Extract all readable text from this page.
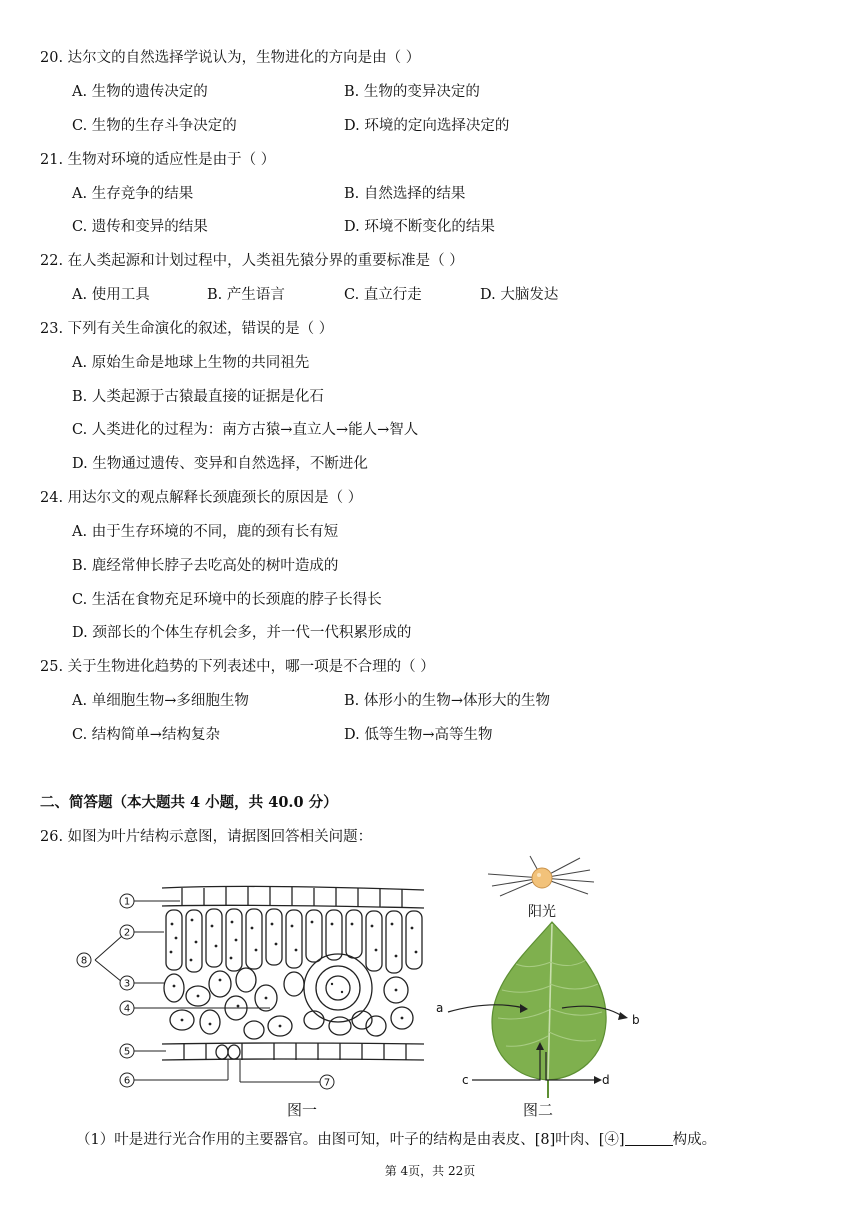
20. 达尔文的自然选择学说认为，生物进化的方向是由（ ）
A. 生物的遗传决定的	B. 生物的变异决定的
C. 生物的生存斗争决定的	D. 环境的定向选择决定的
21. 生物对环境的适应性是由于（ ）
A. 生存竞争的结果	B. 自然选择的结果
C. 遗传和变异的结果	D. 环境不断变化的结果
22. 在人类起源和计划过程中，人类祖先猿分界的重要标准是（ ）
A. 使用工具	B. 产生语言	C. 直立行走	D. 大脑发达
23. 下列有关生命演化的叙述，错误的是（ ）
A. 原始生命是地球上生物的共同祖先
B. 人类起源于古猿最直接的证据是化石
C. 人类进化的过程为：南方古猿→直立人→能人→智人
D. 生物通过遗传、变异和自然选择，不断进化
24. 用达尔文的观点解释长颈鹿颈长的原因是（ ）
A. 由于生存环境的不同，鹿的颈有长有短
B. 鹿经常伸长脖子去吃高处的树叶造成的
C. 生活在食物充足环境中的长颈鹿的脖子长得长
D. 颈部长的个体生存机会多，并一代一代积累形成的
25. 关于生物进化趋势的下列表述中，哪一项是不合理的（ ）
A. 单细胞生物→多细胞生物	B. 体形小的生物→体形大的生物
C. 结构简单→结构复杂	D. 低等生物→高等生物
二、简答题（本大题共 4 小题，共 40.0 分）
26. 如图为叶片结构示意图，请据图回答相关问题：
1
2
3
4
5
6	7
8
图一
阳光
a
b
c	d
图二
（1）叶是进行光合作用的主要器官。由图可知，叶子的结构是由表皮、[8]叶肉、[④]	构成。
第 4页，共 22页
